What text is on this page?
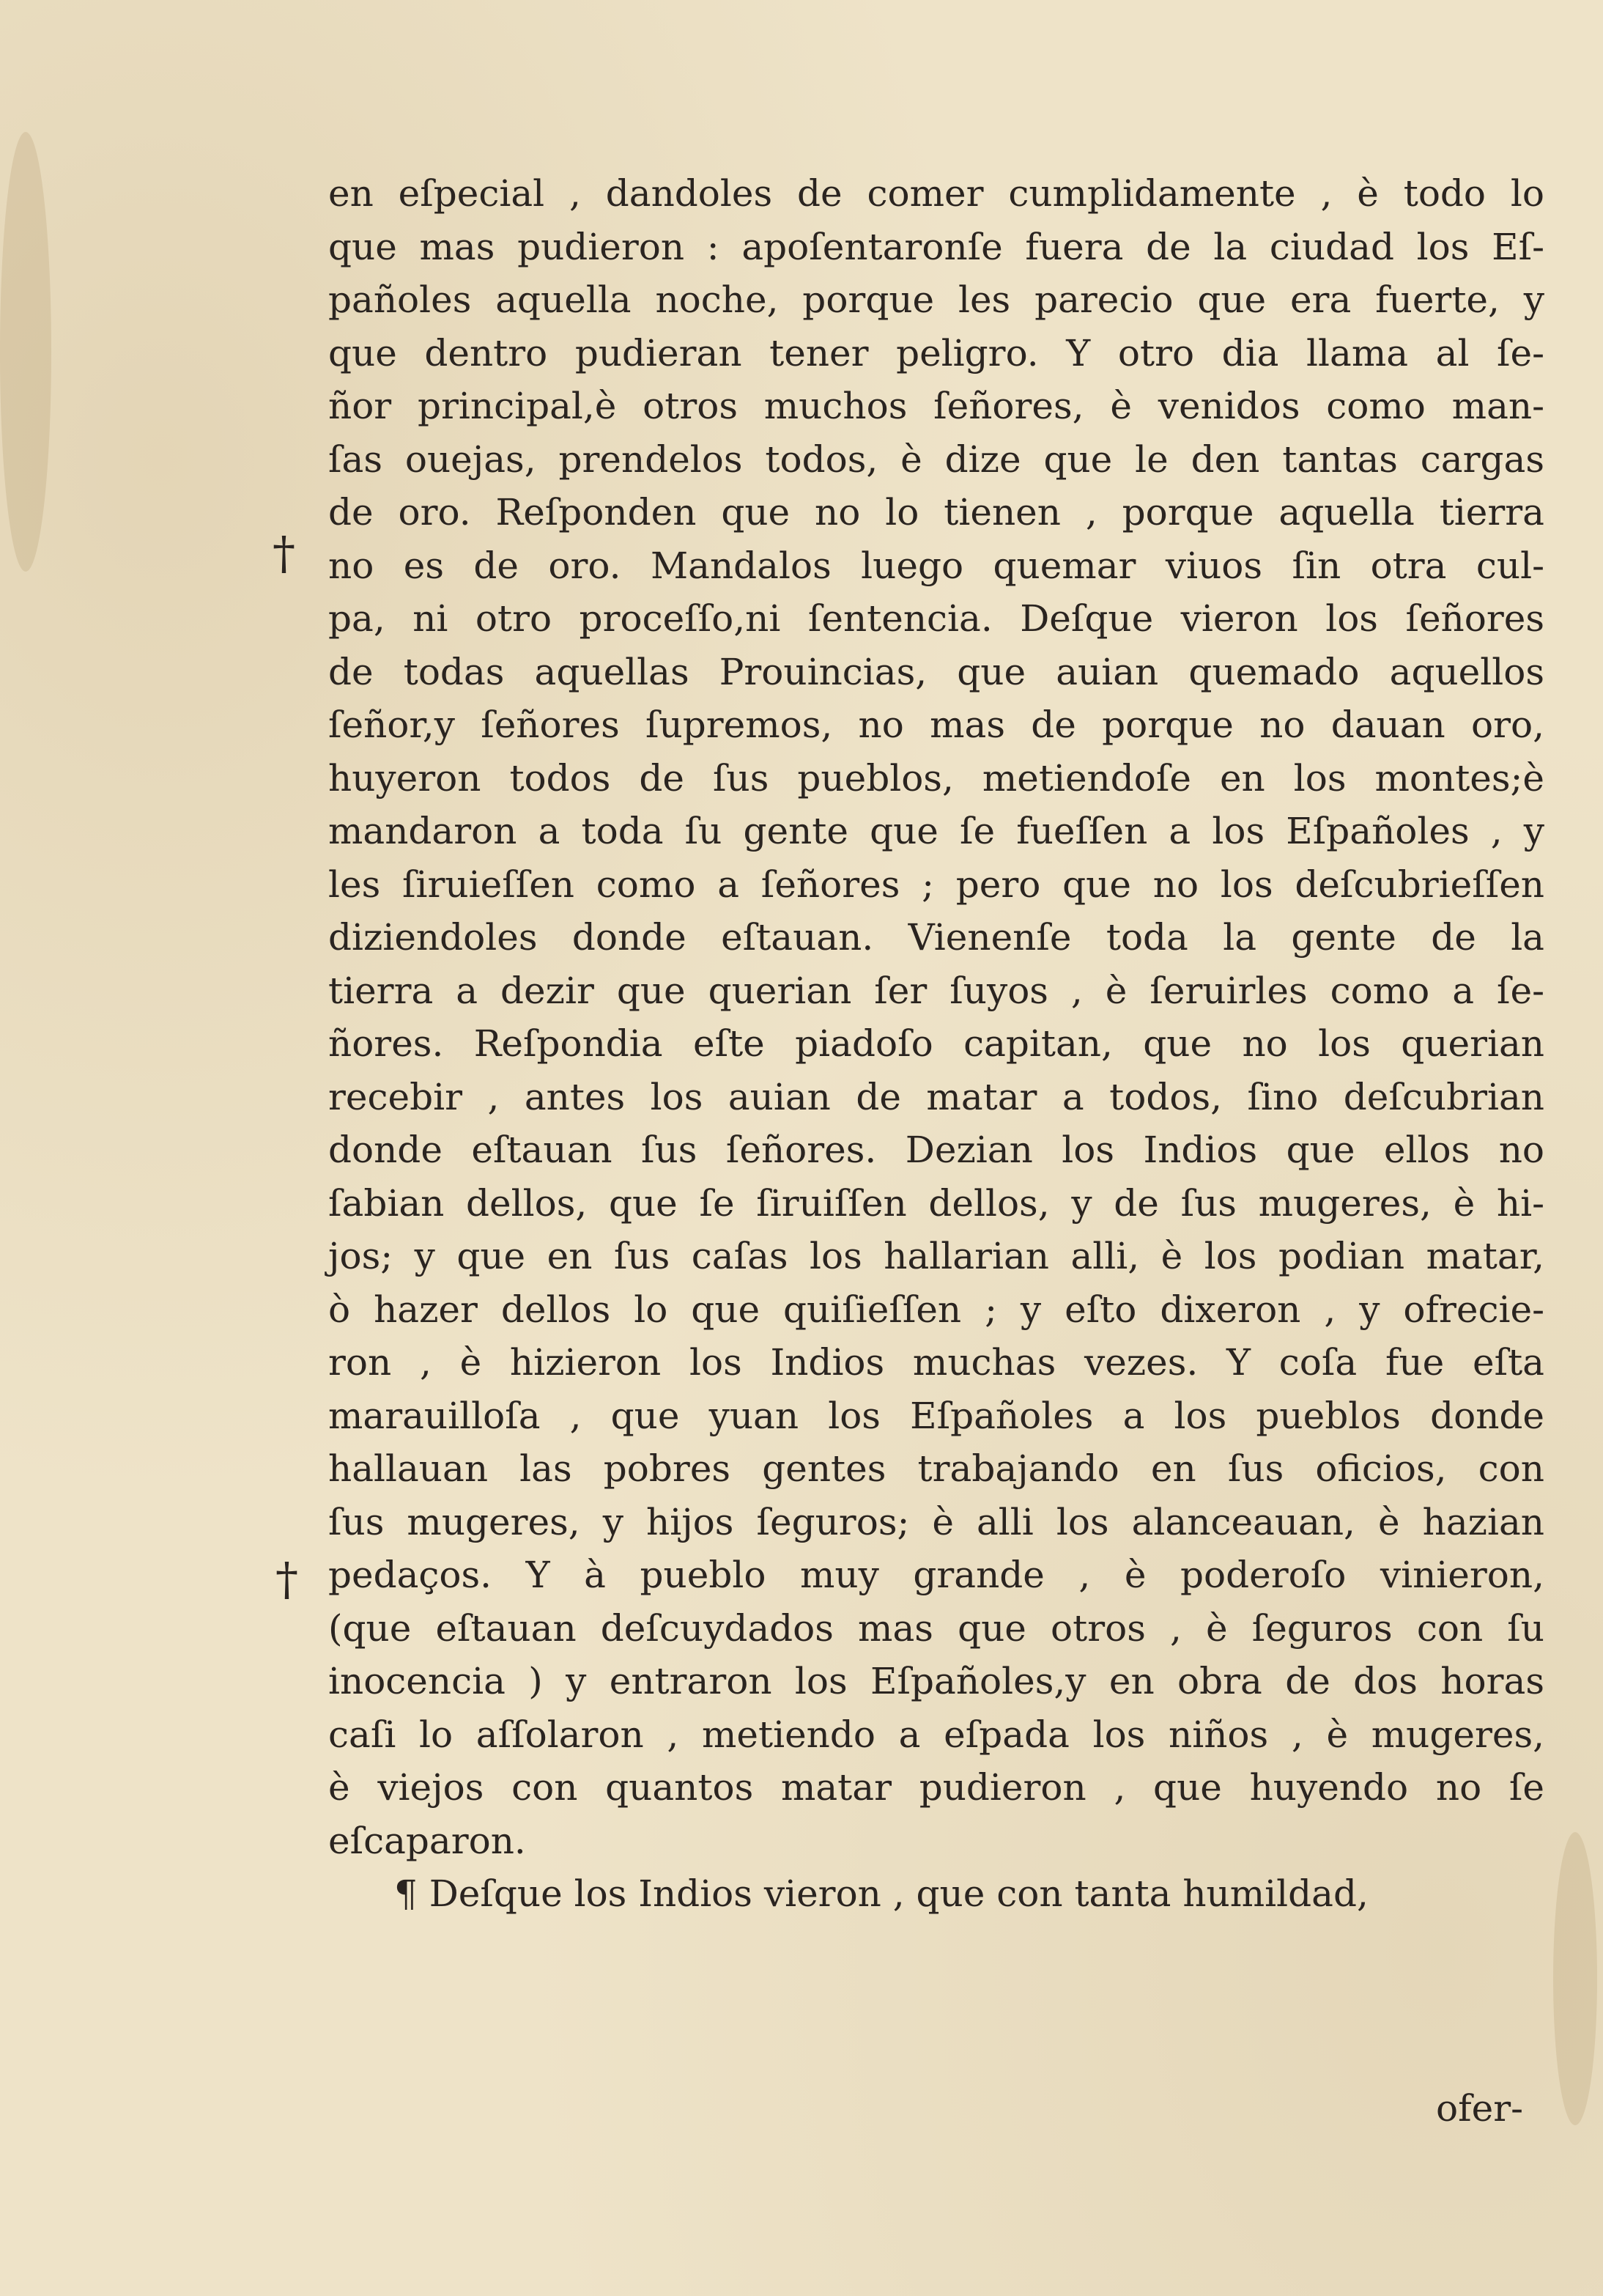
†
†
en eſpecial , dandoles de comer cumplidamente , è todo lo
que mas pudieron : apoſentaronſe fuera de la ciudad los Eſ-
pañoles aquella noche, porque les parecio que era fuerte, y
que dentro pudieran tener peligro. Y otro dia llama al ſe-
ñor principal,è otros muchos ſeñores, è venidos como man-
ſas ouejas, prendelos todos, è dize que le den tantas cargas
de oro. Reſponden que no lo tienen , porque aquella tierra
no es de oro. Mandalos luego quemar viuos ſin otra cul-
pa, ni otro proceſſo,ni ſentencia. Deſque vieron los ſeñores
de todas aquellas Prouincias, que auian quemado aquellos
ſeñor,y ſeñores ſupremos, no mas de porque no dauan oro,
huyeron todos de ſus pueblos, metiendoſe en los montes;è
mandaron a toda ſu gente que ſe fueſſen a los Eſpañoles , y
les ſiruieſſen como a ſeñores ; pero que no los deſcubrieſſen
diziendoles donde eſtauan. Vienenſe toda la gente de la
tierra a dezir que querian ſer ſuyos , è ſeruirles como a ſe-
ñores. Reſpondia eſte piadoſo capitan, que no los querian
recebir , antes los auian de matar a todos, ſino deſcubrian
donde eſtauan ſus ſeñores. Dezian los Indios que ellos no
ſabian dellos, que ſe ſiruiſſen dellos, y de ſus mugeres, è hi-
jos; y que en ſus caſas los hallarian alli, è los podian matar,
ò hazer dellos lo que quiſieſſen ; y eſto dixeron , y ofrecie-
ron , è hizieron los Indios muchas vezes. Y coſa fue eſta
marauilloſa , que yuan los Eſpañoles a los pueblos donde
hallauan las pobres gentes trabajando en ſus oficios, con
ſus mugeres, y hijos ſeguros; è alli los alanceauan, è hazian
pedaços. Y à pueblo muy grande , è poderoſo vinieron,
(que eſtauan deſcuydados mas que otros , è ſeguros con ſu
inocencia ) y entraron los Eſpañoles,y en obra de dos horas
caſi lo aſſolaron , metiendo a eſpada los niños , è mugeres,
è viejos con quantos matar pudieron , que huyendo no ſe
eſcaparon.
¶ Deſque los Indios vieron , que con tanta humildad,
ofer-
